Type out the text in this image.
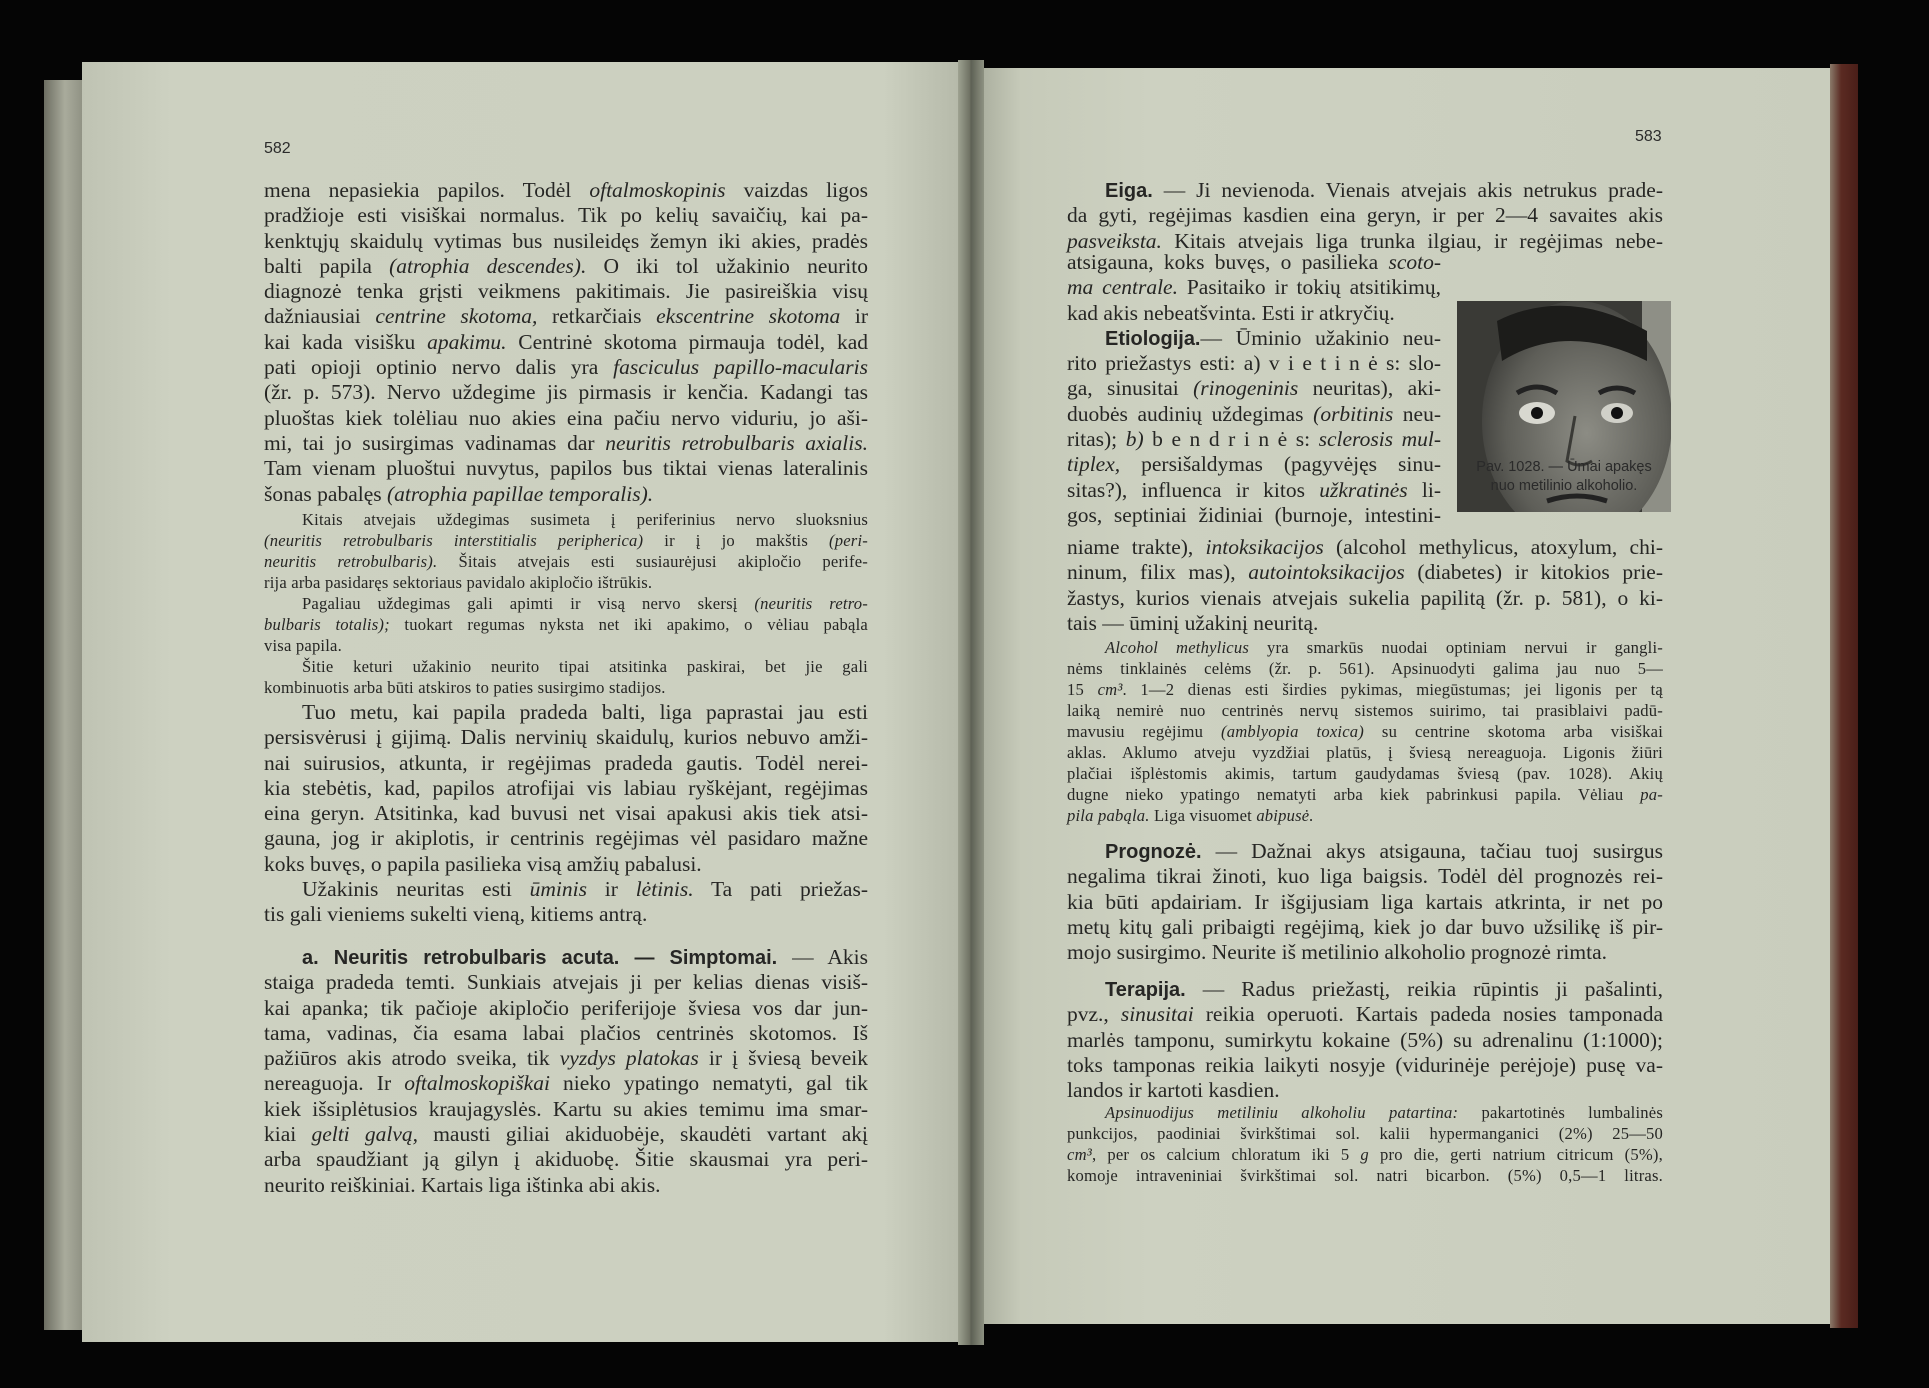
582
583
mena nepasiekia papilos. Todėl oftalmoskopinis vaizdas ligos
pradžioje esti visiškai normalus. Tik po kelių savaičių, kai pa-
kenktųjų skaidulų vytimas bus nusileidęs žemyn iki akies, pradės
balti papila (atrophia descendes). O iki tol užakinio neurito
diagnozė tenka grįsti veikmens pakitimais. Jie pasireiškia visų
dažniausiai centrine skotoma, retkarčiais ekscentrine skotoma ir
kai kada visišku apakimu. Centrinė skotoma pirmauja todėl, kad
pati opioji optinio nervo dalis yra fasciculus papillo-macularis
(žr. p. 573). Nervo uždegime jis pirmasis ir kenčia. Kadangi tas
pluoštas kiek tolėliau nuo akies eina pačiu nervo viduriu, jo aši-
mi, tai jo susirgimas vadinamas dar neuritis retrobulbaris axialis.
Tam vienam pluoštui nuvytus, papilos bus tiktai vienas lateralinis
šonas pabalęs (atrophia papillae temporalis).
Kitais atvejais uždegimas susimeta į periferinius nervo sluoksnius
(neuritis retrobulbaris interstitialis peripherica) ir į jo makštis (peri-
neuritis retrobulbaris). Šitais atvejais esti susiaurėjusi akipločio perife-
rija arba pasidaręs sektoriaus pavidalo akipločio ištrūkis.
Pagaliau uždegimas gali apimti ir visą nervo skersį (neuritis retro-
bulbaris totalis); tuokart regumas nyksta net iki apakimo, o vėliau pabąla
visa papila.
Šitie keturi užakinio neurito tipai atsitinka paskirai, bet jie gali
kombinuotis arba būti atskiros to paties susirgimo stadijos.
Tuo metu, kai papila pradeda balti, liga paprastai jau esti
persisvėrusi į gijimą. Dalis nervinių skaidulų, kurios nebuvo amži-
nai suirusios, atkunta, ir regėjimas pradeda gautis. Todėl nerei-
kia stebėtis, kad, papilos atrofijai vis labiau ryškėjant, regėjimas
eina geryn. Atsitinka, kad buvusi net visai apakusi akis tiek atsi-
gauna, jog ir akiplotis, ir centrinis regėjimas vėl pasidaro mažne
koks buvęs, o papila pasilieka visą amžių pabalusi.
Užakinis neuritas esti ūminis ir lėtinis. Ta pati priežas-
tis gali vieniems sukelti vieną, kitiems antrą.
a. Neuritis retrobulbaris acuta. — Simptomai. — Akis
staiga pradeda temti. Sunkiais atvejais ji per kelias dienas visiš-
kai apanka; tik pačioje akipločio periferijoje šviesa vos dar jun-
tama, vadinas, čia esama labai plačios centrinės skotomos. Iš
pažiūros akis atrodo sveika, tik vyzdys platokas ir į šviesą beveik
nereaguoja. Ir oftalmoskopiškai nieko ypatingo nematyti, gal tik
kiek išsiplėtusios kraujagyslės. Kartu su akies temimu ima smar-
kiai gelti galvą, mausti giliai akiduobėje, skaudėti vartant akį
arba spaudžiant ją gilyn į akiduobę. Šitie skausmai yra peri-
neurito reiškiniai. Kartais liga ištinka abi akis.
Eiga. — Ji nevienoda. Vienais atvejais akis netrukus prade-
da gyti, regėjimas kasdien eina geryn, ir per 2—4 savaites akis
pasveiksta. Kitais atvejais liga trunka ilgiau, ir regėjimas nebe-
atsigauna, koks buvęs, o pasilieka scoto-
ma centrale. Pasitaiko ir tokių atsitikimų,
kad akis nebeatšvinta. Esti ir atkryčių.
Etiologija.— Ūminio užakinio neu-
rito priežastys esti: a) v i e t i n ė s: slo-
ga, sinusitai (rinogeninis neuritas), aki-
duobės audinių uždegimas (orbitinis neu-
ritas); b) b e n d r i n ė s: sclerosis mul-
tiplex, persišaldymas (pagyvėjęs sinu-
sitas?), influenca ir kitos užkratinės li-
gos, septiniai židiniai (burnoje, intestini-
niame trakte), intoksikacijos (alcohol methylicus, atoxylum, chi-
ninum, filix mas), autointoksikacijos (diabetes) ir kitokios prie-
žastys, kurios vienais atvejais sukelia papilitą (žr. p. 581), o ki-
tais — ūminį užakinį neuritą.
Alcohol methylicus yra smarkūs nuodai optiniam nervui ir gangli-
nėms tinklainės celėms (žr. p. 561). Apsinuodyti galima jau nuo 5—
15 cm³. 1—2 dienas esti širdies pykimas, miegūstumas; jei ligonis per tą
laiką nemirė nuo centrinės nervų sistemos suirimo, tai prasiblaivi padū-
mavusiu regėjimu (amblyopia toxica) su centrine skotoma arba visiškai
aklas. Aklumo atveju vyzdžiai platūs, į šviesą nereaguoja. Ligonis žiūri
plačiai išplėstomis akimis, tartum gaudydamas šviesą (pav. 1028). Akių
dugne nieko ypatingo nematyti arba kiek pabrinkusi papila. Vėliau pa-
pila pabąla. Liga visuomet abipusė.
Prognozė. — Dažnai akys atsigauna, tačiau tuoj susirgus
negalima tikrai žinoti, kuo liga baigsis. Todėl dėl prognozės rei-
kia būti apdairiam. Ir išgijusiam liga kartais atkrinta, ir net po
metų kitų gali pribaigti regėjimą, kiek jo dar buvo užsilikę iš pir-
mojo susirgimo. Neurite iš metilinio alkoholio prognozė rimta.
Terapija. — Radus priežastį, reikia rūpintis ji pašalinti,
pvz., sinusitai reikia operuoti. Kartais padeda nosies tamponada
marlės tamponu, sumirkytu kokaine (5%) su adrenalinu (1:1000);
toks tamponas reikia laikyti nosyje (vidurinėje perėjoje) pusę va-
landos ir kartoti kasdien.
Apsinuodijus metiliniu alkoholiu patartina: pakartotinės lumbalinės
punkcijos, paodiniai švirkštimai sol. kalii hypermanganici (2%) 25—50
cm³, per os calcium chloratum iki 5 g pro die, gerti natrium citricum (5%),
komoje intraveniniai švirkštimai sol. natri bicarbon. (5%) 0,5—1 litras.
Pav. 1028. — Ūmai apakęs
nuo metilinio alkoholio.
